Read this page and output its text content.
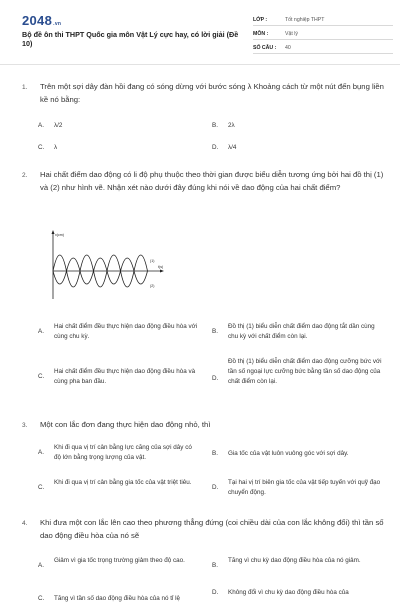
2048.vn
Bộ đề ôn thi THPT Quốc gia môn Vật Lý cực hay, có lời giải (Đề 10)
LỚP :	Tốt nghiệp THPT
MÔN :	Vật lý
SỐ CÂU :	40
1. Trên một sợi dây đàn hồi đang có sóng dừng với bước sóng λ Khoảng cách từ một nút đến bụng liền kề nó bằng:
A. λ/2	B. 2λ
C. λ	D. λ/4
2. Hai chất điểm dao động có li độ phụ thuộc theo thời gian được biểu diễn tương ứng bởi hai đồ thị (1) và (2) như hình vẽ. Nhận xét nào dưới đây đúng khi nói về dao động của hai chất điểm?
x(cm)
t(s)
(1)
(2)
A.
Hai chất điểm đều thực hiện dao động điều hòa với cùng chu kỳ.
B.
Đồ thị (1) biểu diễn chất điểm dao động tắt dần cùng chu kỳ với chất điểm còn lại.
C.
Hai chất điểm đều thực hiện dao động điều hòa và cùng pha ban đầu.	D.
Đồ thị (1) biểu diễn chất điểm dao động cưỡng bức với tần số ngoại lực cưỡng bức bằng tần số dao động của chất điểm còn lại.
3. Một con lắc đơn đang thực hiện dao động nhỏ, thì
A.
Khi đi qua vị trí cân bằng lực căng của sợi dây có độ lớn bằng trọng lượng của vật.
B. Gia tốc của vật luôn vuông góc với sợi dây.
C.
Khi đi qua vị trí cân bằng gia tốc của vật triệt tiêu.
D.
Tại hai vị trí biên gia tốc của vật tiếp tuyến với quỹ đạo chuyển động.
4. Khi đưa một con lắc lên cao theo phương thẳng đứng (coi chiều dài của con lắc không đổi) thì tần số dao động điều hòa của nó sẽ
A.
Giảm vì gia tốc trọng trường giảm theo độ cao.
B.
Tăng vì chu kỳ dao động điều hòa của nó giảm.
C. Tăng vì tần số dao động điều hòa của nó tỉ lệ
D. Không đổi vì chu kỳ dao động điều hòa của
